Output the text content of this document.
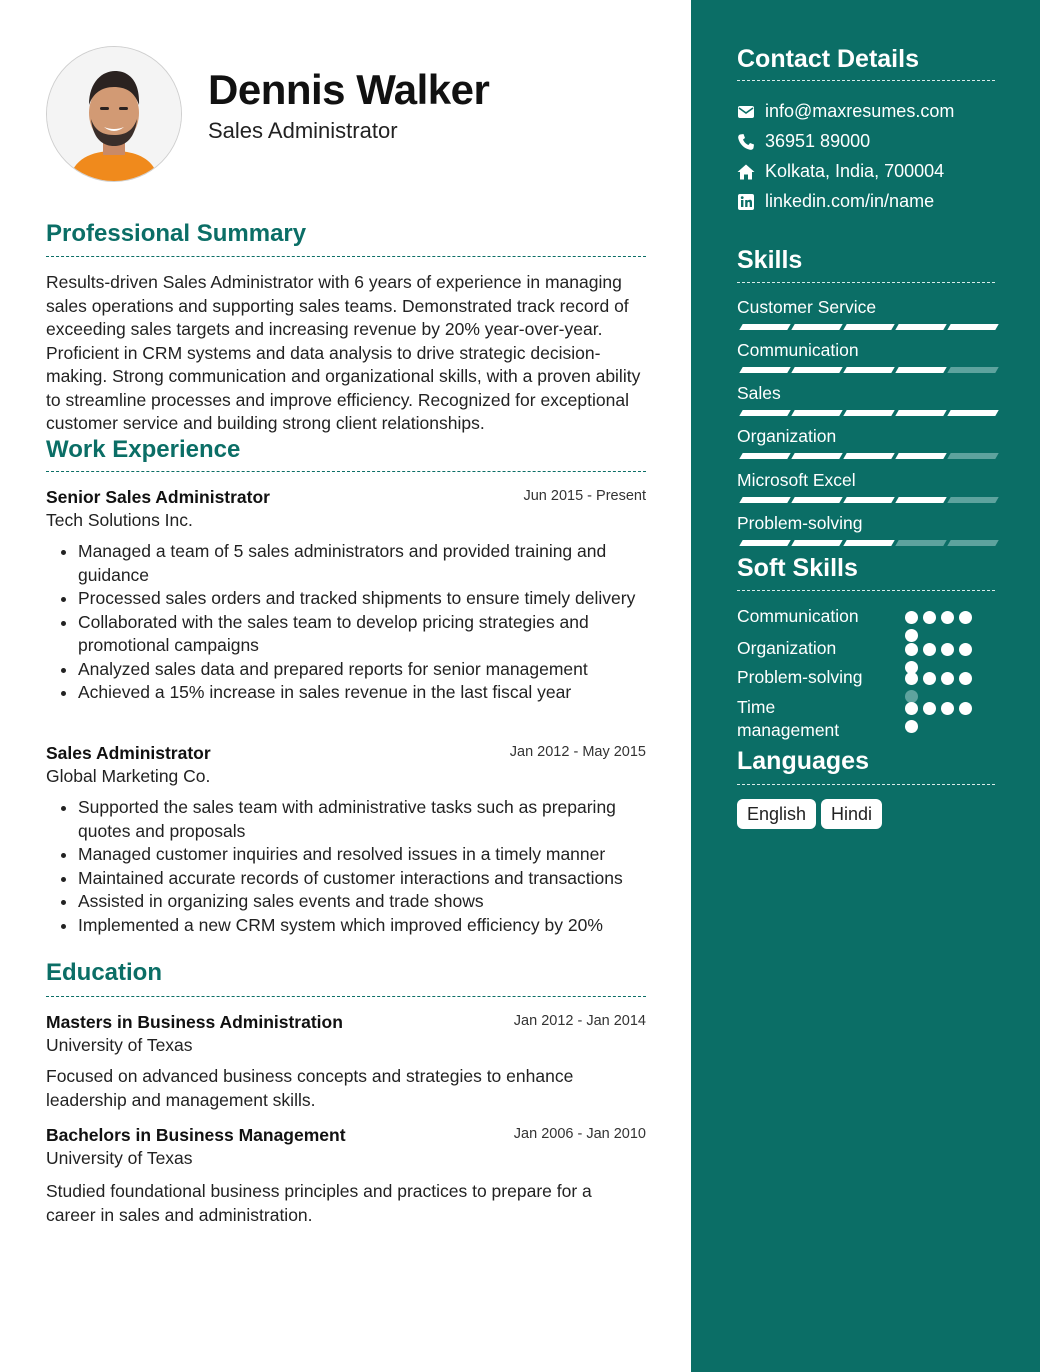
Dennis Walker
Sales Administrator
Professional Summary

Results-driven Sales Administrator with 6 years of experience in managing sales operations and supporting sales teams. Demonstrated track record of exceeding sales targets and increasing revenue by 20% year-over-year. Proficient in CRM systems and data analysis to drive strategic decision-making. Strong communication and organizational skills, with a proven ability to streamline processes and improve efficiency. Recognized for exceptional customer service and building strong client relationships.

Work Experience
Senior Sales Administrator	Jun 2015 - Present
Tech Solutions Inc.
• Managed a team of 5 sales administrators and provided training and guidance
• Processed sales orders and tracked shipments to ensure timely delivery
• Collaborated with the sales team to develop pricing strategies and promotional campaigns
• Analyzed sales data and prepared reports for senior management
• Achieved a 15% increase in sales revenue in the last fiscal year
Sales Administrator	Jan 2012 - May 2015
Global Marketing Co.
• Supported the sales team with administrative tasks such as preparing quotes and proposals
• Managed customer inquiries and resolved issues in a timely manner
• Maintained accurate records of customer interactions and transactions
• Assisted in organizing sales events and trade shows
• Implemented a new CRM system which improved efficiency by 20%
Education
Masters in Business Administration	Jan 2012 - Jan 2014
University of Texas

Focused on advanced business concepts and strategies to enhance leadership and management skills.

Bachelors in Business Management	Jan 2006 - Jan 2010
University of Texas

Studied foundational business principles and practices to prepare for a career in sales and administration.

Contact Details
info@maxresumes.com
36951 89000
Kolkata, India, 700004
linkedin.com/in/name
Skills
Customer Service
Communication
Sales
Organization
Microsoft Excel
Problem-solving
Soft Skills
Communication
Organization
Problem-solving
Time management
Languages
English	Hindi
